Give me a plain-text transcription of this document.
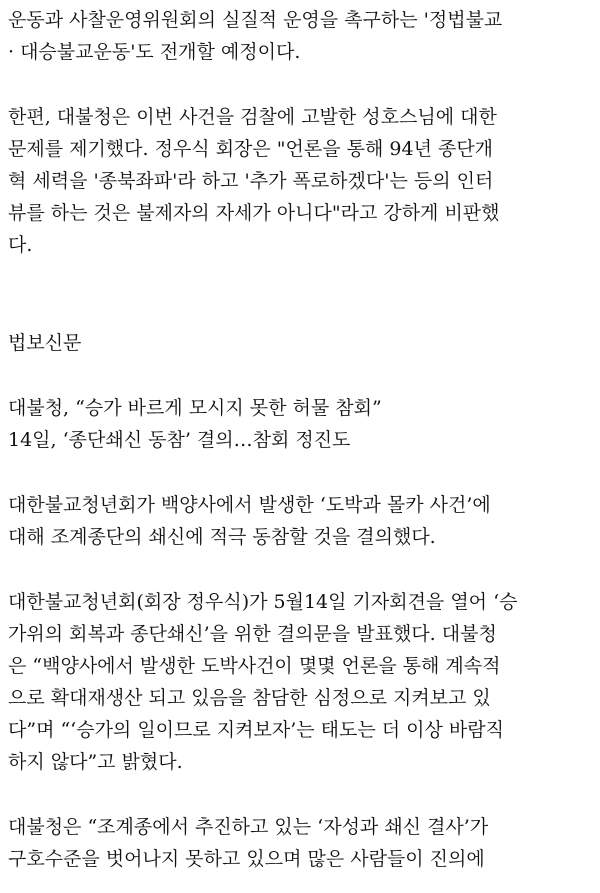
운동과 사찰운영위원회의 실질적 운영을 촉구하는 '정법불교
· 대승불교운동'도 전개할 예정이다.
한편, 대불청은 이번 사건을 검찰에 고발한 성호스님에 대한
문제를 제기했다. 정우식 회장은 "언론을 통해 94년 종단개
혁 세력을 '종북좌파'라 하고 '추가 폭로하겠다'는 등의 인터
뷰를 하는 것은 불제자의 자세가 아니다"라고 강하게 비판했
다.
법보신문
대불청, “승가 바르게 모시지 못한 허물 참회”
14일, ‘종단쇄신 동참’ 결의…참회 정진도
대한불교청년회가 백양사에서 발생한 ‘도박과 몰카 사건’에
대해 조계종단의 쇄신에 적극 동참할 것을 결의했다.
대한불교청년회(회장 정우식)가 5월14일 기자회견을 열어 ‘승
가위의 회복과 종단쇄신’을 위한 결의문을 발표했다. 대불청
은 “백양사에서 발생한 도박사건이 몇몇 언론을 통해 계속적
으로 확대재생산 되고 있음을 참담한 심정으로 지켜보고 있
다”며 “‘승가의 일이므로 지켜보자’는 태도는 더 이상 바람직
하지 않다”고 밝혔다.
대불청은 “조계종에서 추진하고 있는 ‘자성과 쇄신 결사’가
구호수준을 벗어나지 못하고 있으며 많은 사람들이 진의에
